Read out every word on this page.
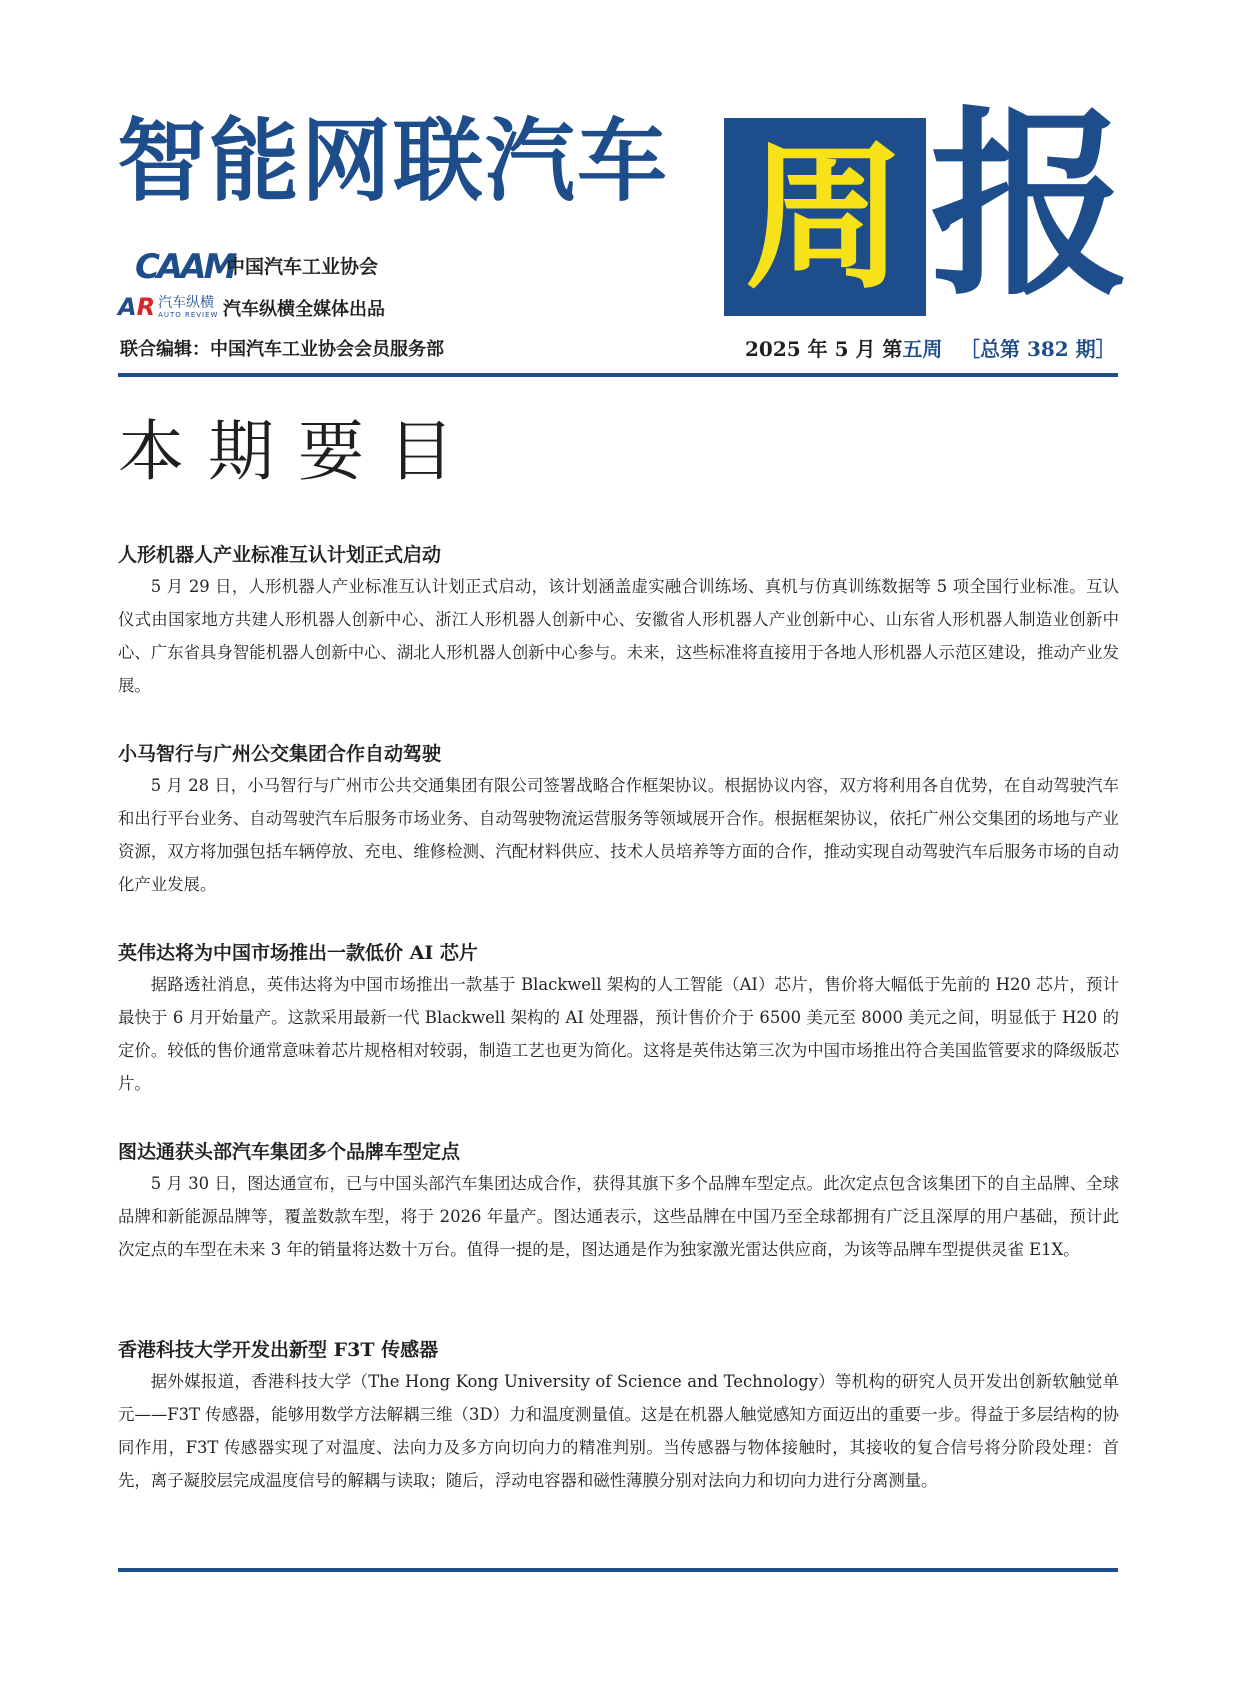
智能网联汽车 周 报
CAAM
中国汽车工业协会
AR 汽车纵横
AUTO REVIEW 汽车纵横全媒体出品
联合编辑：中国汽车工业协会会员服务部	2025 年 5 月 第五周 ［总第 382 期］
本期要目
人形机器人产业标准互认计划正式启动

5 月 29 日，人形机器人产业标准互认计划正式启动，该计划涵盖虚实融合训练场、真机与仿真训练数据等 5 项全国行业标准。互认仪式由国家地方共建人形机器人创新中心、浙江人形机器人创新中心、安徽省人形机器人产业创新中心、山东省人形机器人制造业创新中心、广东省具身智能机器人创新中心、湖北人形机器人创新中心参与。未来，这些标准将直接用于各地人形机器人示范区建设，推动产业发展。

小马智行与广州公交集团合作自动驾驶

5 月 28 日，小马智行与广州市公共交通集团有限公司签署战略合作框架协议。根据协议内容，双方将利用各自优势，在自动驾驶汽车和出行平台业务、自动驾驶汽车后服务市场业务、自动驾驶物流运营服务等领域展开合作。根据框架协议，依托广州公交集团的场地与产业资源，双方将加强包括车辆停放、充电、维修检测、汽配材料供应、技术人员培养等方面的合作，推动实现自动驾驶汽车后服务市场的自动化产业发展。

英伟达将为中国市场推出一款低价 AI 芯片

据路透社消息，英伟达将为中国市场推出一款基于 Blackwell 架构的人工智能（AI）芯片，售价将大幅低于先前的 H20 芯片，预计最快于 6 月开始量产。这款采用最新一代 Blackwell 架构的 AI 处理器，预计售价介于 6500 美元至 8000 美元之间，明显低于 H20 的定价。较低的售价通常意味着芯片规格相对较弱，制造工艺也更为简化。这将是英伟达第三次为中国市场推出符合美国监管要求的降级版芯片。

图达通获头部汽车集团多个品牌车型定点

5 月 30 日，图达通宣布，已与中国头部汽车集团达成合作，获得其旗下多个品牌车型定点。此次定点包含该集团下的自主品牌、全球品牌和新能源品牌等，覆盖数款车型，将于 2026 年量产。图达通表示，这些品牌在中国乃至全球都拥有广泛且深厚的用户基础，预计此次定点的车型在未来 3 年的销量将达数十万台。值得一提的是，图达通是作为独家激光雷达供应商，为该等品牌车型提供灵雀 E1X。

香港科技大学开发出新型 F3T 传感器

据外媒报道，香港科技大学（The Hong Kong University of Science and Technology）等机构的研究人员开发出创新软触觉单元——F3T 传感器，能够用数学方法解耦三维（3D）力和温度测量值。这是在机器人触觉感知方面迈出的重要一步。得益于多层结构的协同作用，F3T 传感器实现了对温度、法向力及多方向切向力的精准判别。当传感器与物体接触时，其接收的复合信号将分阶段处理：首先，离子凝胶层完成温度信号的解耦与读取；随后，浮动电容器和磁性薄膜分别对法向力和切向力进行分离测量。
